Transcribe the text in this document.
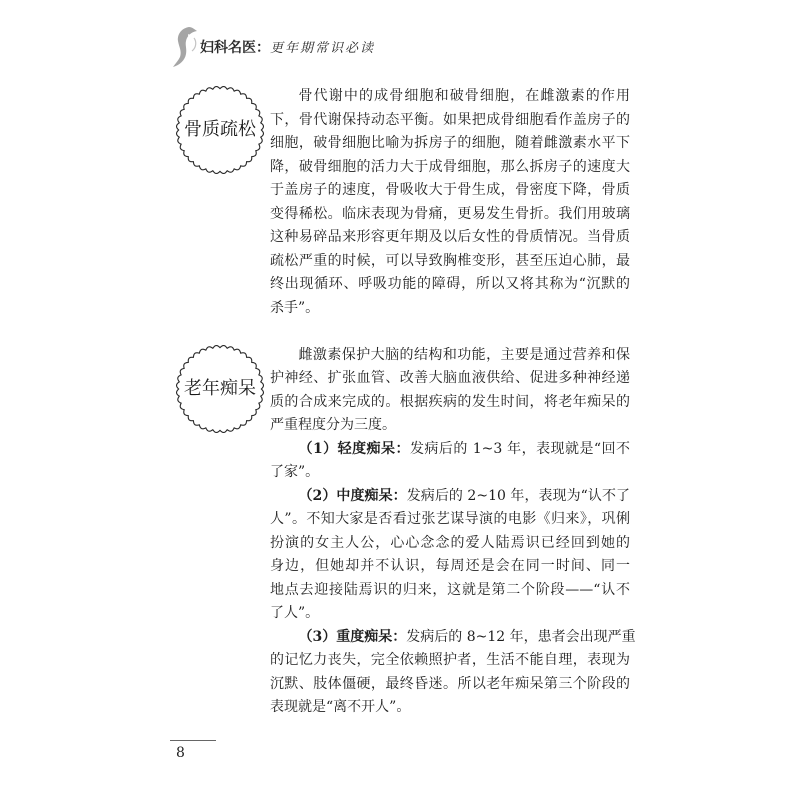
妇科名医： 更年期常识必读
骨质疏松
骨代谢中的成骨细胞和破骨细胞，在雌激素的作用
下，骨代谢保持动态平衡。如果把成骨细胞看作盖房子的
细胞，破骨细胞比喻为拆房子的细胞，随着雌激素水平下
降，破骨细胞的活力大于成骨细胞，那么拆房子的速度大
于盖房子的速度，骨吸收大于骨生成，骨密度下降，骨质
变得稀松。临床表现为骨痛，更易发生骨折。我们用玻璃
这种易碎品来形容更年期及以后女性的骨质情况。当骨质
疏松严重的时候，可以导致胸椎变形，甚至压迫心肺，最
终出现循环、呼吸功能的障碍，所以又将其称为“沉默的
杀手”。
老年痴呆
雌激素保护大脑的结构和功能，主要是通过营养和保
护神经、扩张血管、改善大脑血液供给、促进多种神经递
质的合成来完成的。根据疾病的发生时间，将老年痴呆的
严重程度分为三度。
（1）轻度痴呆：发病后的 1~3 年，表现就是“回不
了家”。
（2）中度痴呆：发病后的 2~10 年，表现为“认不了
人”。不知大家是否看过张艺谋导演的电影《归来》，巩俐
扮演的女主人公，心心念念的爱人陆焉识已经回到她的
身边，但她却并不认识，每周还是会在同一时间、同一
地点去迎接陆焉识的归来，这就是第二个阶段——“认不
了人”。
（3）重度痴呆：发病后的 8~12 年，患者会出现严重
的记忆力丧失，完全依赖照护者，生活不能自理，表现为
沉默、肢体僵硬，最终昏迷。所以老年痴呆第三个阶段的
表现就是“离不开人”。
8
